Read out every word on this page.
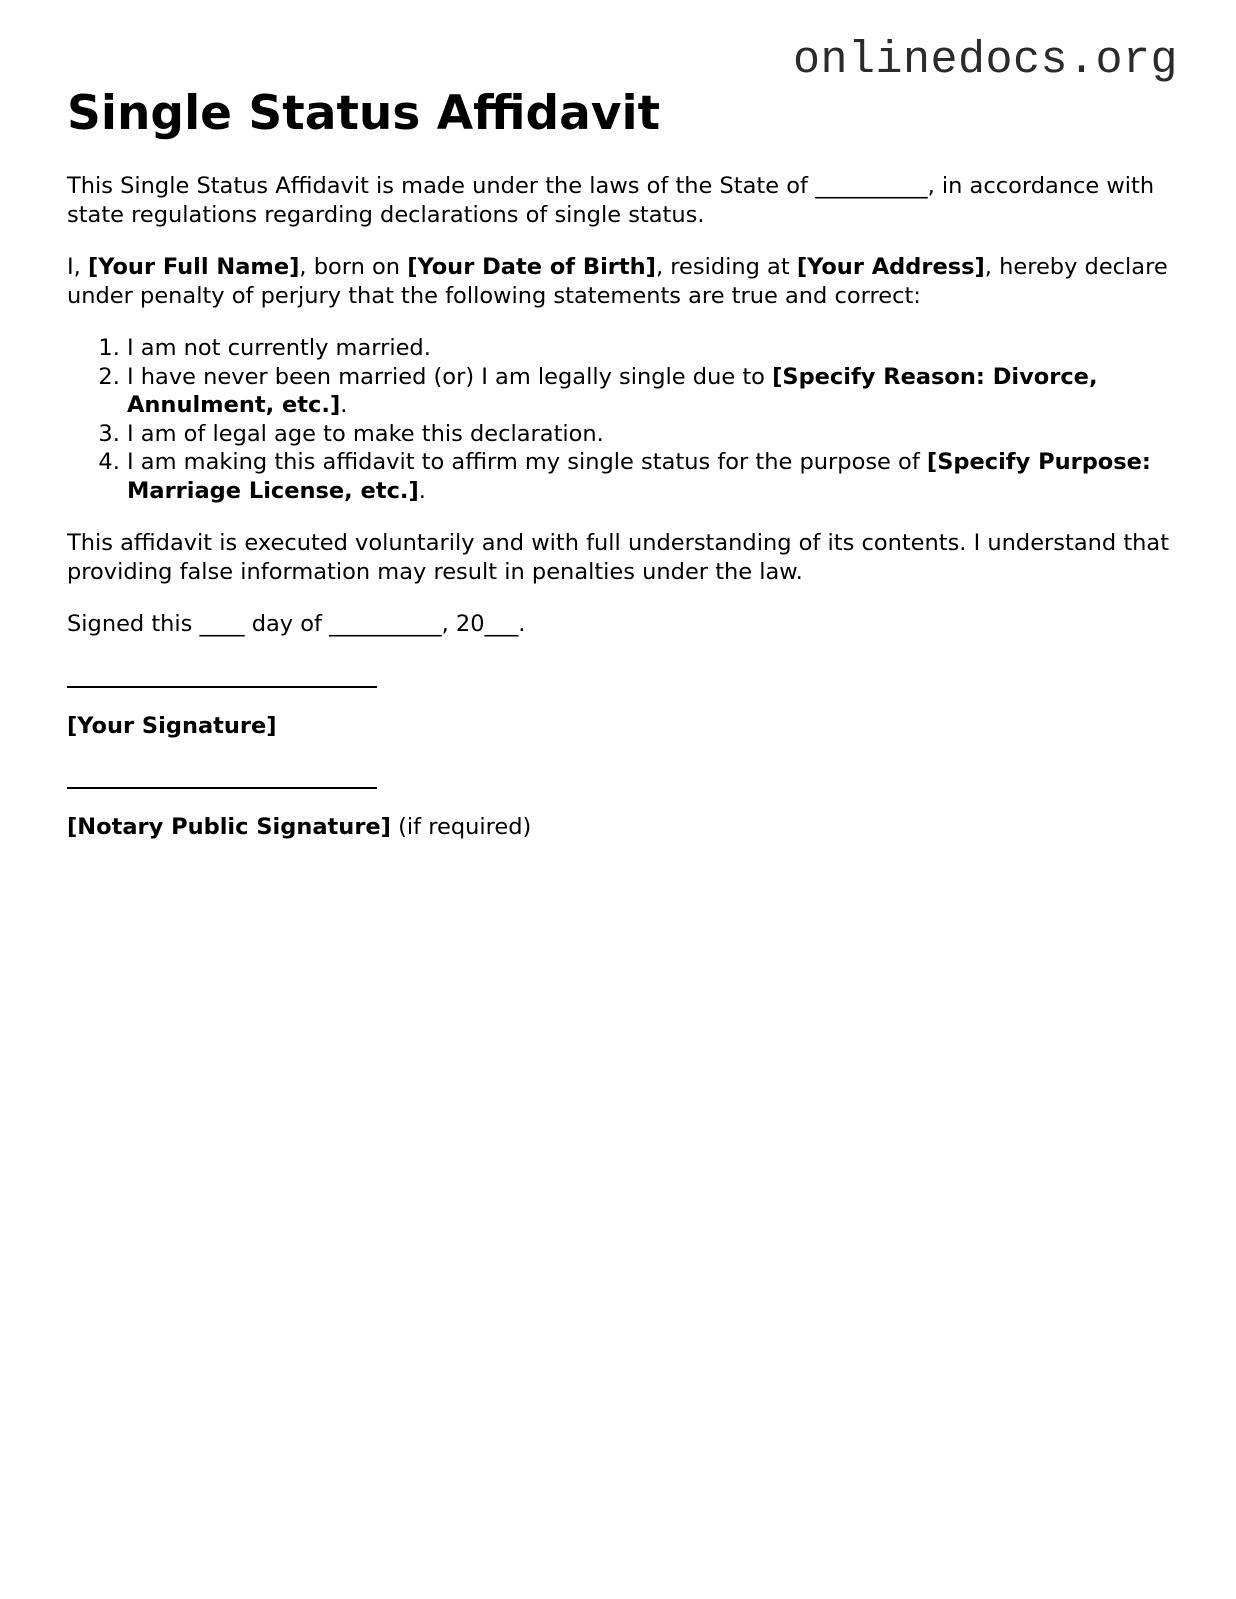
onlinedocs.org
Single Status Affidavit

This Single Status Affidavit is made under the laws of the State of __________, in accordance with state regulations regarding declarations of single status.

I, [Your Full Name], born on [Your Date of Birth], residing at [Your Address], hereby declare under penalty of perjury that the following statements are true and correct:

1. I am not currently married.
2. I have never been married (or) I am legally single due to [Specify Reason: Divorce, Annulment, etc.].
3. I am of legal age to make this declaration.
4. I am making this affidavit to affirm my single status for the purpose of [Specify Purpose: Marriage License, etc.].

This affidavit is executed voluntarily and with full understanding of its contents. I understand that providing false information may result in penalties under the law.

Signed this ____ day of __________, 20___.

[Your Signature]

[Notary Public Signature] (if required)
